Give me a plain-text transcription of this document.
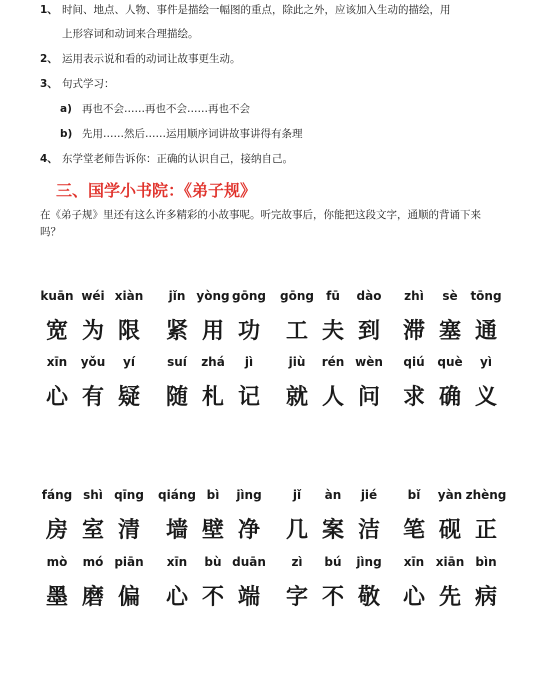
1、 时间、地点、人物、事件是描绘一幅图的重点，除此之外，应该加入生动的描绘，用
上形容词和动词来合理描绘。
2、 运用表示说和看的动词让故事更生动。
3、 句式学习：
a) 再也不会……再也不会……再也不会
b) 先用……然后……运用顺序词讲故事讲得有条理
4、 东学堂老师告诉你：正确的认识自己，接纳自己。
三、国学小书院：《弟子规》
在《弟子规》里还有这么许多精彩的小故事呢。听完故事后，你能把这段文字，通顺的背诵下来吗？
kuān wéi xiàn jǐn yòng gōng gōng fū dào zhì sè tōng
宽 为 限 紧 用 功 工 夫 到 滞 塞 通
xīn yǒu yí	suí zhá jì	jiù rén wèn qiú què yì
心 有 疑 随 札 记 就 人 问 求 确 义
fáng shì qīng qiáng bì jìng	jǐ àn jié	bǐ yàn zhèng
房 室 清 墙 壁 净 几 案 洁 笔 砚 正
mò mó piān xīn bù duān zì bú jìng xīn xiān bìn
墨 磨 偏 心 不 端 字 不 敬 心 先 病
